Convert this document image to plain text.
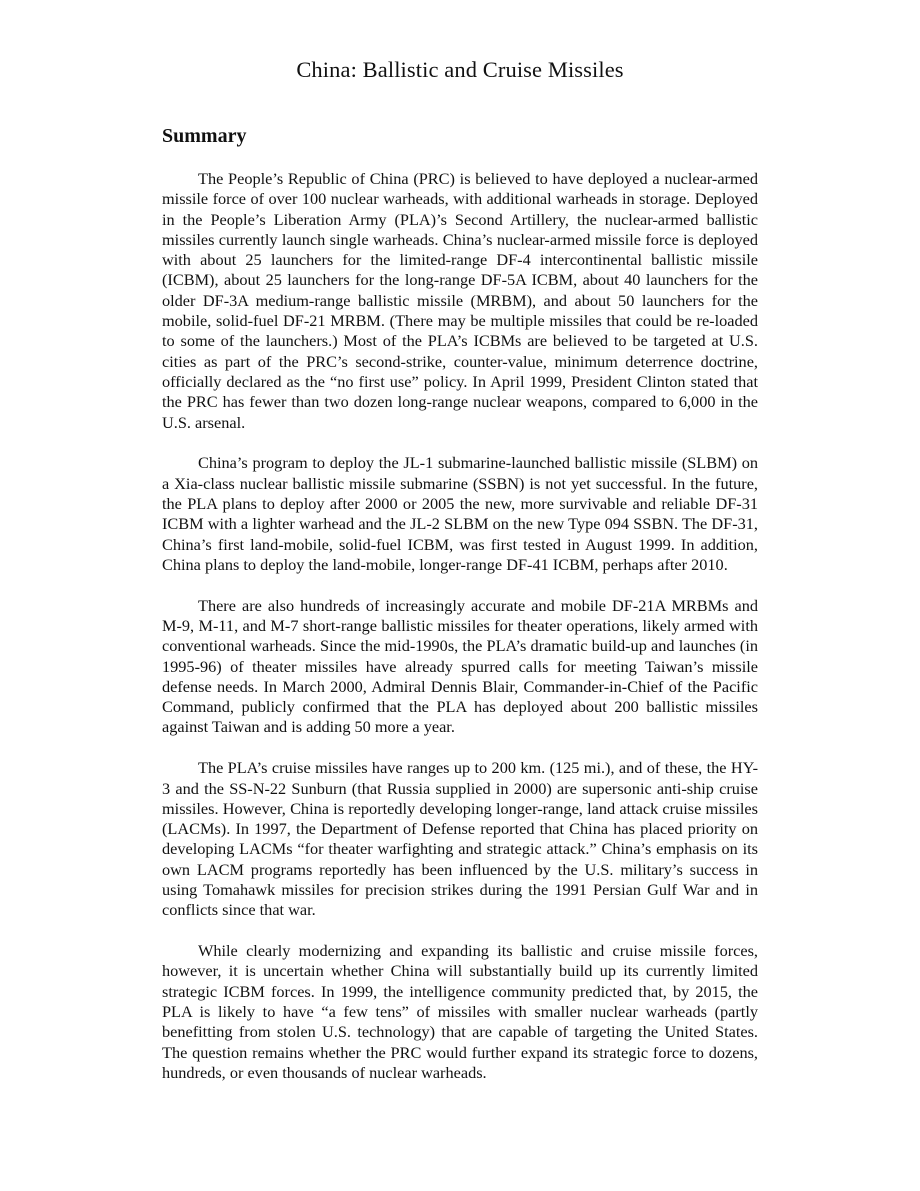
China: Ballistic and Cruise Missiles
Summary

The People’s Republic of China (PRC) is believed to have deployed a nuclear-armed missile force of over 100 nuclear warheads, with additional warheads in storage. Deployed in the People’s Liberation Army (PLA)’s Second Artillery, the nuclear-armed ballistic missiles currently launch single warheads. China’s nuclear-armed missile force is deployed with about 25 launchers for the limited-range DF-4 intercontinental ballistic missile (ICBM), about 25 launchers for the long-range DF-5A ICBM, about 40 launchers for the older DF-3A medium-range ballistic missile (MRBM), and about 50 launchers for the mobile, solid-fuel DF-21 MRBM. (There may be multiple missiles that could be re-loaded to some of the launchers.) Most of the PLA’s ICBMs are believed to be targeted at U.S. cities as part of the PRC’s second-strike, counter-value, minimum deterrence doctrine, officially declared as the “no first use” policy. In April 1999, President Clinton stated that the PRC has fewer than two dozen long-range nuclear weapons, compared to 6,000 in the U.S. arsenal.

China’s program to deploy the JL-1 submarine-launched ballistic missile (SLBM) on a Xia-class nuclear ballistic missile submarine (SSBN) is not yet successful. In the future, the PLA plans to deploy after 2000 or 2005 the new, more survivable and reliable DF-31 ICBM with a lighter warhead and the JL-2 SLBM on the new Type 094 SSBN. The DF-31, China’s first land-mobile, solid-fuel ICBM, was first tested in August 1999. In addition, China plans to deploy the land-mobile, longer-range DF-41 ICBM, perhaps after 2010.

There are also hundreds of increasingly accurate and mobile DF-21A MRBMs and M-9, M-11, and M-7 short-range ballistic missiles for theater operations, likely armed with conventional warheads. Since the mid-1990s, the PLA’s dramatic build-up and launches (in 1995-96) of theater missiles have already spurred calls for meeting Taiwan’s missile defense needs. In March 2000, Admiral Dennis Blair, Commander-in-Chief of the Pacific Command, publicly confirmed that the PLA has deployed about 200 ballistic missiles against Taiwan and is adding 50 more a year.

The PLA’s cruise missiles have ranges up to 200 km. (125 mi.), and of these, the HY-3 and the SS-N-22 Sunburn (that Russia supplied in 2000) are supersonic anti-ship cruise missiles. However, China is reportedly developing longer-range, land attack cruise missiles (LACMs). In 1997, the Department of Defense reported that China has placed priority on developing LACMs “for theater warfighting and strategic attack.” China’s emphasis on its own LACM programs reportedly has been influenced by the U.S. military’s success in using Tomahawk missiles for precision strikes during the 1991 Persian Gulf War and in conflicts since that war.

While clearly modernizing and expanding its ballistic and cruise missile forces, however, it is uncertain whether China will substantially build up its currently limited strategic ICBM forces. In 1999, the intelligence community predicted that, by 2015, the PLA is likely to have “a few tens” of missiles with smaller nuclear warheads (partly benefitting from stolen U.S. technology) that are capable of targeting the United States. The question remains whether the PRC would further expand its strategic force to dozens, hundreds, or even thousands of nuclear warheads.
